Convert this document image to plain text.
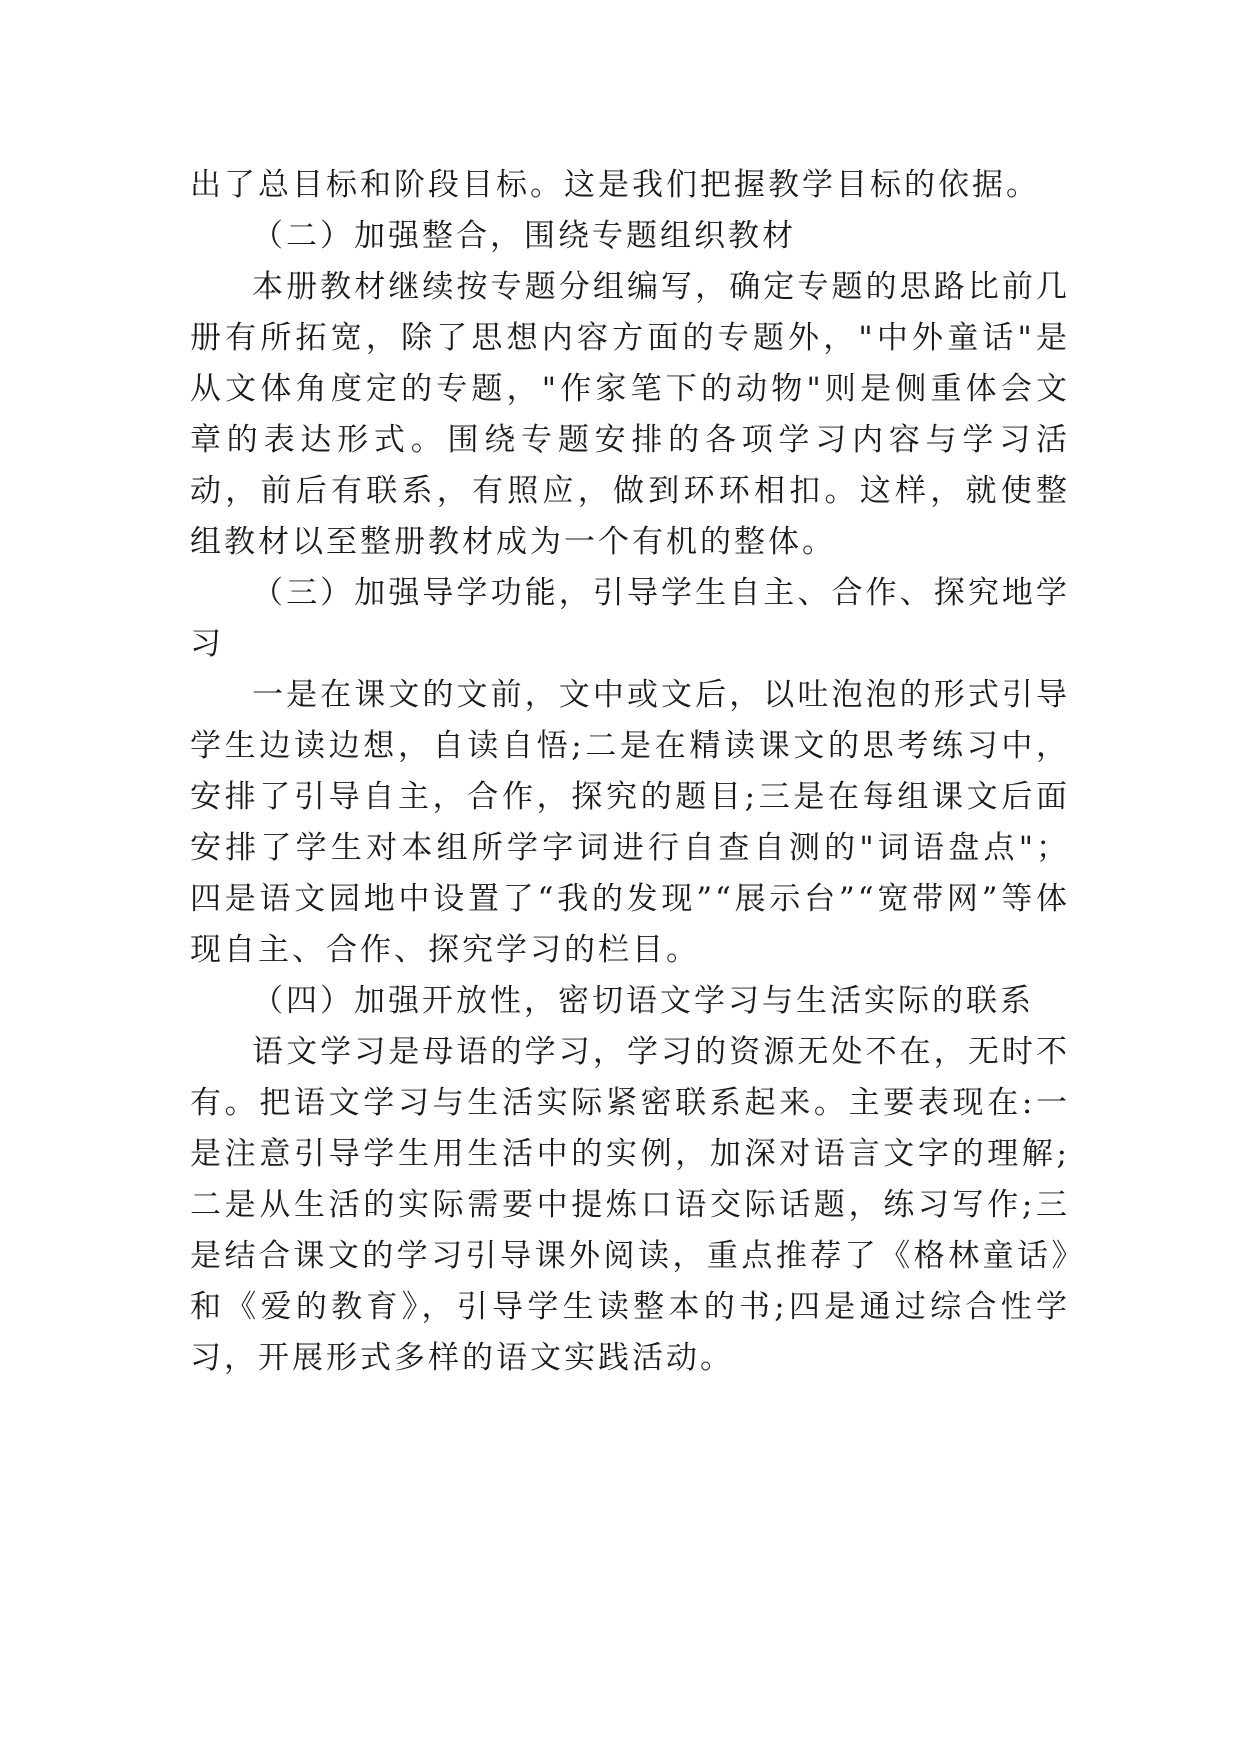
出了总目标和阶段目标。这是我们把握教学目标的依据。

（二）加强整合，围绕专题组织教材

本册教材继续按专题分组编写，确定专题的思路比前几册有所拓宽，除了思想内容方面的专题外，"中外童话"是从文体角度定的专题，"作家笔下的动物"则是侧重体会文章的表达形式。围绕专题安排的各项学习内容与学习活动，前后有联系，有照应，做到环环相扣。这样，就使整组教材以至整册教材成为一个有机的整体。

（三）加强导学功能，引导学生自主、合作、探究地学习

一是在课文的文前，文中或文后，以吐泡泡的形式引导学生边读边想，自读自悟;二是在精读课文的思考练习中，安排了引导自主，合作，探究的题目;三是在每组课文后面安排了学生对本组所学字词进行自查自测的"词语盘点"；四是语文园地中设置了“我的发现”“展示台”“宽带网”等体现自主、合作、探究学习的栏目。

（四）加强开放性，密切语文学习与生活实际的联系

语文学习是母语的学习，学习的资源无处不在，无时不有。把语文学习与生活实际紧密联系起来。主要表现在:一是注意引导学生用生活中的实例，加深对语言文字的理解;二是从生活的实际需要中提炼口语交际话题，练习写作;三是结合课文的学习引导课外阅读，重点推荐了《格林童话》和《爱的教育》，引导学生读整本的书;四是通过综合性学习，开展形式多样的语文实践活动。
